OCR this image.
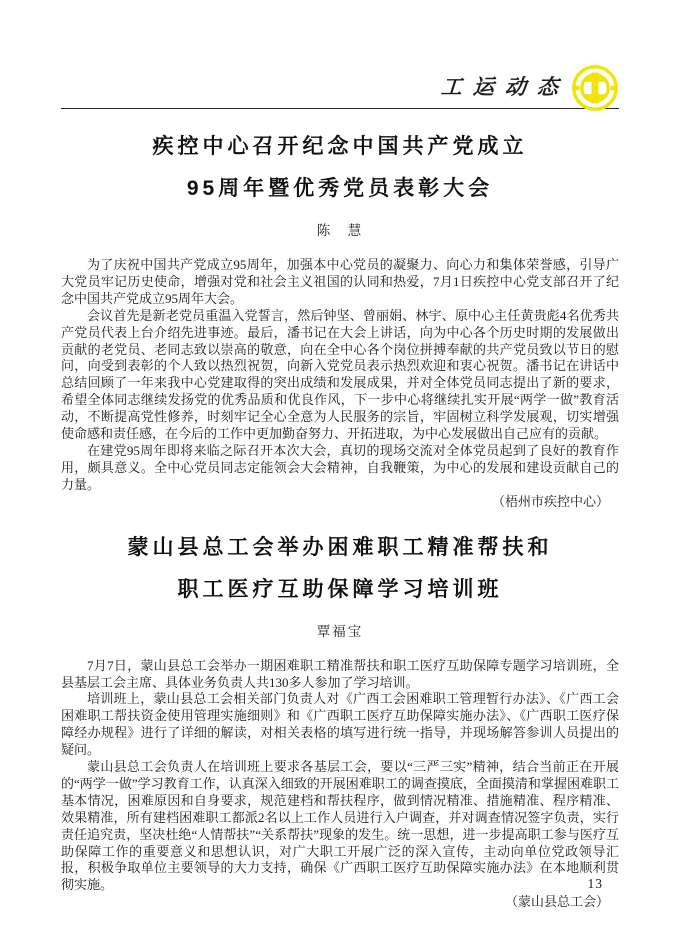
工运动态
疾控中心召开纪念中国共产党成立
95周年暨优秀党员表彰大会
陈　慧

为了庆祝中国共产党成立95周年，加强本中心党员的凝聚力、向心力和集体荣誉感，引导广大党员牢记历史使命，增强对党和社会主义祖国的认同和热爱，7月1日疾控中心党支部召开了纪念中国共产党成立95周年大会。

会议首先是新老党员重温入党誓言，然后钟坚、曾丽娟、林宇、原中心主任黄贵彪4名优秀共产党员代表上台介绍先进事迹。最后，潘书记在大会上讲话，向为中心各个历史时期的发展做出贡献的老党员、老同志致以崇高的敬意，向在全中心各个岗位拼搏奉献的共产党员致以节日的慰问，向受到表彰的个人致以热烈祝贺，向新入党党员表示热烈欢迎和衷心祝贺。潘书记在讲话中总结回顾了一年来我中心党建取得的突出成绩和发展成果，并对全体党员同志提出了新的要求，希望全体同志继续发扬党的优秀品质和优良作风，下一步中心将继续扎实开展“两学一做”教育活动，不断提高党性修养，时刻牢记全心全意为人民服务的宗旨，牢固树立科学发展观，切实增强使命感和责任感，在今后的工作中更加勤奋努力、开拓进取，为中心发展做出自己应有的贡献。

在建党95周年即将来临之际召开本次大会，真切的现场交流对全体党员起到了良好的教育作用，颇具意义。全中心党员同志定能领会大会精神，自我鞭策，为中心的发展和建设贡献自己的力量。

（梧州市疾控中心）
蒙山县总工会举办困难职工精准帮扶和
职工医疗互助保障学习培训班
覃福宝

7月7日，蒙山县总工会举办一期困难职工精准帮扶和职工医疗互助保障专题学习培训班，全县基层工会主席、具体业务负责人共130多人参加了学习培训。

培训班上，蒙山县总工会相关部门负责人对《广西工会困难职工管理暂行办法》、《广西工会困难职工帮扶资金使用管理实施细则》和《广西职工医疗互助保障实施办法》、《广西职工医疗保障经办规程》进行了详细的解读，对相关表格的填写进行统一指导，并现场解答参训人员提出的疑问。

蒙山县总工会负责人在培训班上要求各基层工会，要以“三严三实”精神，结合当前正在开展的“两学一做”学习教育工作，认真深入细致的开展困难职工的调查摸底，全面摸清和掌握困难职工基本情况，困难原因和自身要求，规范建档和帮扶程序，做到情况精准、措施精准、程序精准、效果精准，所有建档困难职工都派2名以上工作人员进行入户调查，并对调查情况签字负责，实行责任追究责，坚决杜绝“人情帮扶”“关系帮扶”现象的发生。统一思想，进一步提高职工参与医疗互助保障工作的重要意义和思想认识，对广大职工开展广泛的深入宣传，主动向单位党政领导汇报，积极争取单位主要领导的大力支持，确保《广西职工医疗互助保障实施办法》在本地顺利贯彻实施。

（蒙山县总工会）
13
